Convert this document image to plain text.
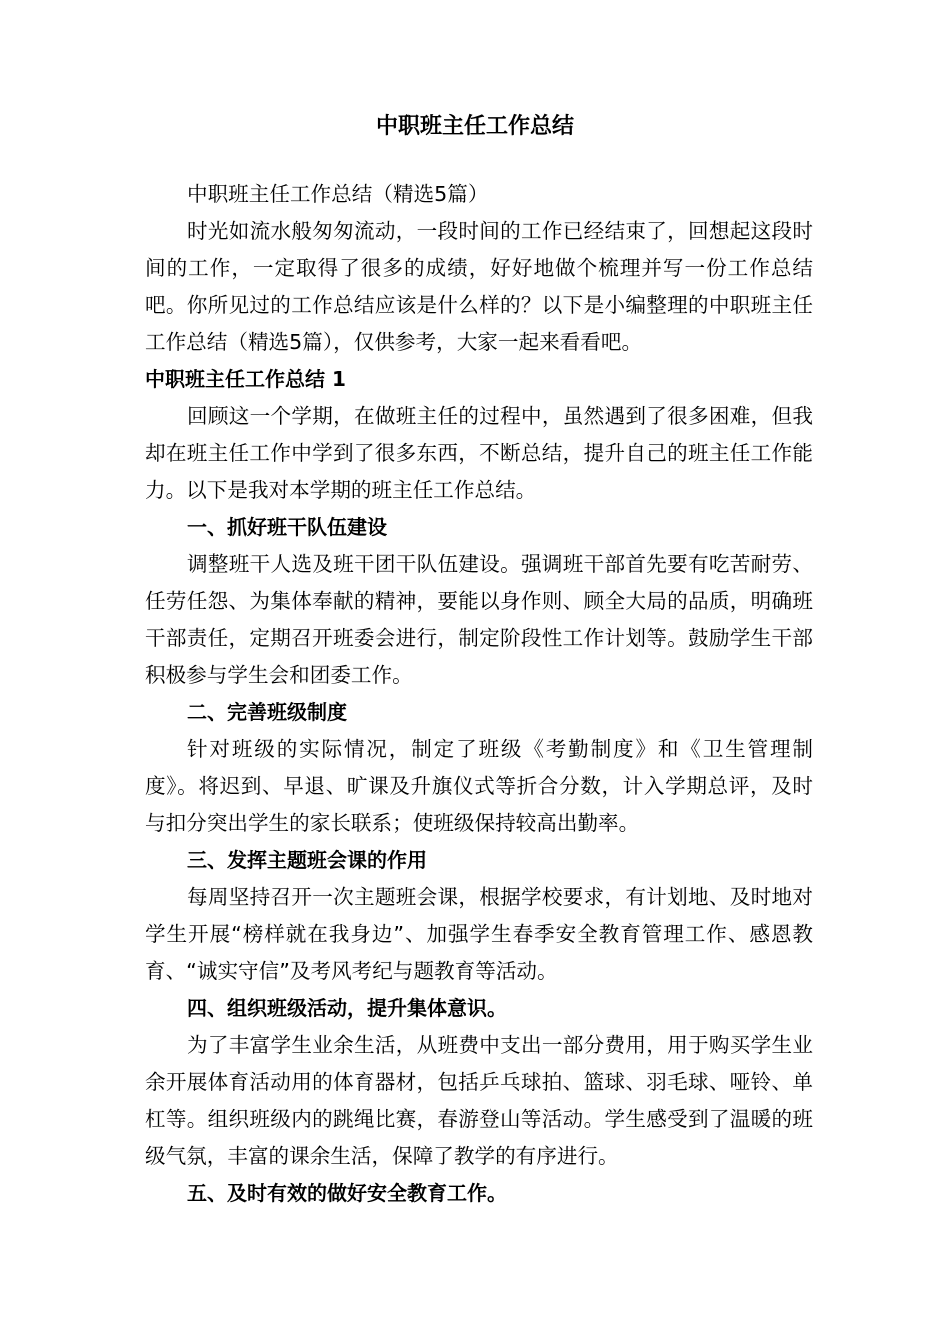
中职班主任工作总结

中职班主任工作总结（精选5篇）

时光如流水般匆匆流动，一段时间的工作已经结束了，回想起这段时间的工作，一定取得了很多的成绩，好好地做个梳理并写一份工作总结吧。你所见过的工作总结应该是什么样的？以下是小编整理的中职班主任工作总结（精选5篇），仅供参考，大家一起来看看吧。

中职班主任工作总结 1

回顾这一个学期，在做班主任的过程中，虽然遇到了很多困难，但我却在班主任工作中学到了很多东西，不断总结，提升自己的班主任工作能力。以下是我对本学期的班主任工作总结。

一、抓好班干队伍建设

调整班干人选及班干团干队伍建设。强调班干部首先要有吃苦耐劳、任劳任怨、为集体奉献的精神，要能以身作则、顾全大局的品质，明确班干部责任，定期召开班委会进行，制定阶段性工作计划等。鼓励学生干部积极参与学生会和团委工作。

二、完善班级制度

针对班级的实际情况，制定了班级《考勤制度》和《卫生管理制度》。将迟到、早退、旷课及升旗仪式等折合分数，计入学期总评，及时与扣分突出学生的家长联系；使班级保持较高出勤率。

三、发挥主题班会课的作用

每周坚持召开一次主题班会课，根据学校要求，有计划地、及时地对学生开展“榜样就在我身边”、加强学生春季安全教育管理工作、感恩教育、“诚实守信”及考风考纪与题教育等活动。

四、组织班级活动，提升集体意识。

为了丰富学生业余生活，从班费中支出一部分费用，用于购买学生业余开展体育活动用的体育器材，包括乒乓球拍、篮球、羽毛球、哑铃、单杠等。组织班级内的跳绳比赛，春游登山等活动。学生感受到了温暖的班级气氛，丰富的课余生活，保障了教学的有序进行。

五、及时有效的做好安全教育工作。
